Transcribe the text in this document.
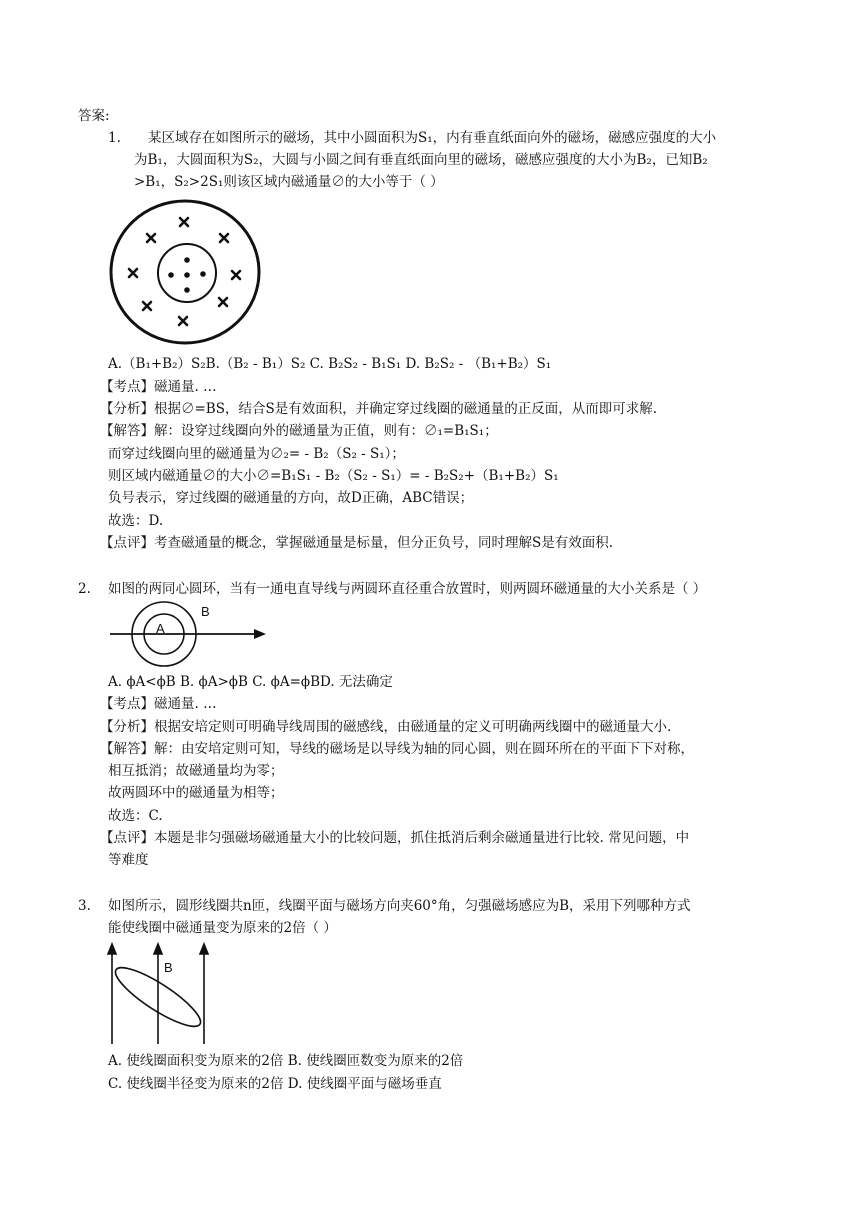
答案:
1. 某区域存在如图所示的磁场，其中小圆面积为S₁，内有垂直纸面向外的磁场，磁感应强度的大小
为B₁，大圆面积为S₂，大圆与小圆之间有垂直纸面向里的磁场，磁感应强度的大小为B₂，已知B₂
>B₁，S₂>2S₁则该区域内磁通量∅的大小等于（ ）
A.（B₁+B₂）S₂B.（B₂ - B₁）S₂ C. B₂S₂ - B₁S₁ D. B₂S₂ - （B₁+B₂）S₁
【考点】磁通量. …
【分析】根据∅=BS，结合S是有效面积，并确定穿过线圈的磁通量的正反面，从而即可求解.
【解答】解：设穿过线圈向外的磁通量为正值，则有：∅₁=B₁S₁；
而穿过线圈向里的磁通量为∅₂= - B₂（S₂ - S₁）；
则区域内磁通量∅的大小∅=B₁S₁ - B₂（S₂ - S₁）= - B₂S₂+（B₁+B₂）S₁
负号表示，穿过线圈的磁通量的方向，故D正确，ABC错误；
故选：D.
【点评】考查磁通量的概念，掌握磁通量是标量，但分正负号，同时理解S是有效面积.
2. 如图的两同心圆环，当有一通电直导线与两圆环直径重合放置时，则两圆环磁通量的大小关系是（ ）
A
B
A. ϕA<ϕB B. ϕA>ϕB C. ϕA=ϕBD. 无法确定
【考点】磁通量. …
【分析】根据安培定则可明确导线周围的磁感线，由磁通量的定义可明确两线圈中的磁通量大小.
【解答】解：由安培定则可知，导线的磁场是以导线为轴的同心圆，则在圆环所在的平面下下对称，
相互抵消；故磁通量均为零；
故两圆环中的磁通量为相等；
故选：C.
【点评】本题是非匀强磁场磁通量大小的比较问题，抓住抵消后剩余磁通量进行比较. 常见问题，中
等难度
3. 如图所示，圆形线圈共n匝，线圈平面与磁场方向夹60°角，匀强磁场感应为B，采用下列哪种方式
能使线圈中磁通量变为原来的2倍（ ）
B
A. 使线圈面积变为原来的2倍 B. 使线圈匝数变为原来的2倍
C. 使线圈半径变为原来的2倍 D. 使线圈平面与磁场垂直
